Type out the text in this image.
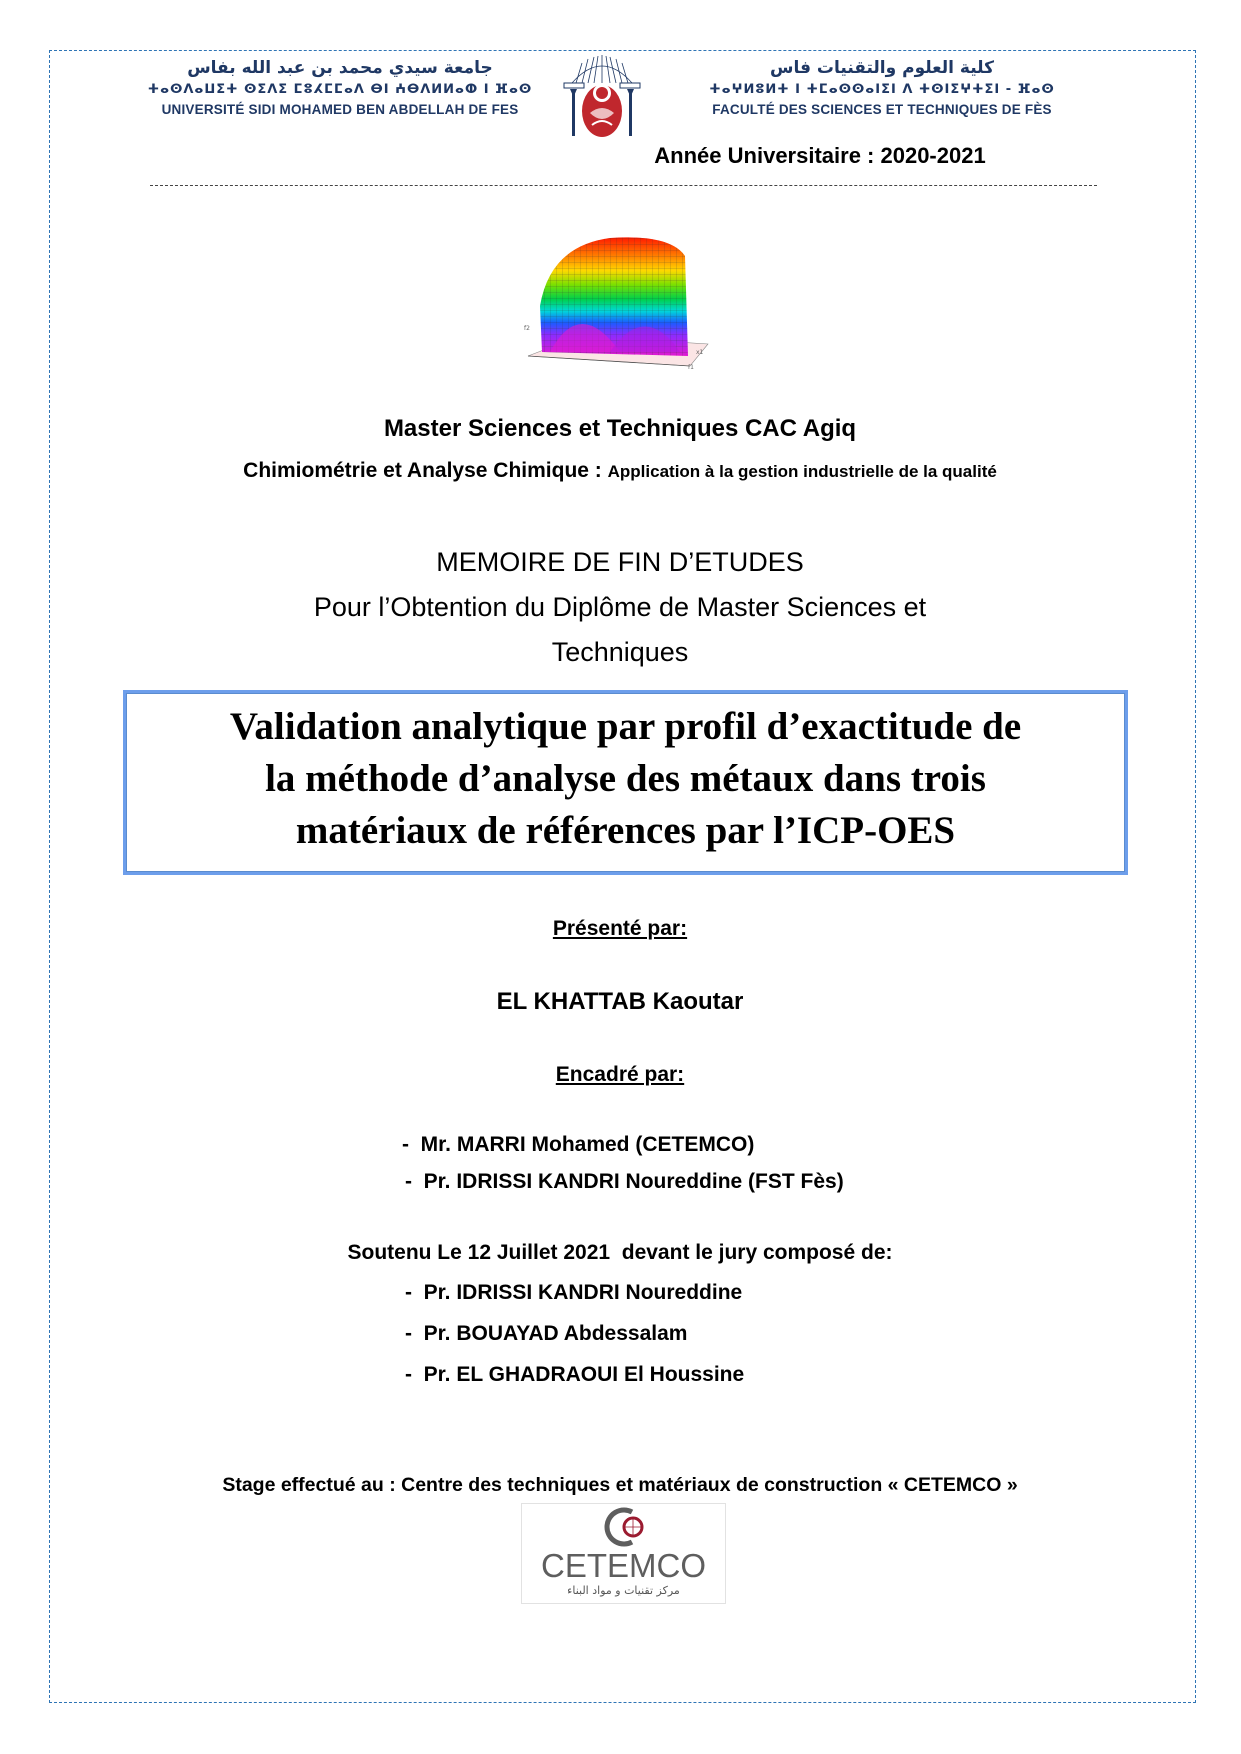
جامعة سيدي محمد بن عبد الله بفاس
ⵜⴰⵙⴷⴰⵡⵉⵜ ⵙⵉⴷⵉ ⵎⵓⵃⵎⵎⴰⴷ ⴱⵏ ⵄⴱⴷⵍⵍⴰⵀ ⵏ ⴼⴰⵙ
UNIVERSITÉ SIDI MOHAMED BEN ABDELLAH DE FES
كلية العلوم والتقنيات فاس
ⵜⴰⵖⵍⵓⵍⵜ ⵏ ⵜⵎⴰⵙⵙⴰⵏⵉⵏ ⴷ ⵜⵙⵏⵉⵖⵜⵉⵏ - ⴼⴰⵙ
FACULTÉ DES SCIENCES ET TECHNIQUES DE FÈS
Année Universitaire : 2020-2021
f2
x1
f1
Master Sciences et Techniques CAC Agiq
Chimiométrie et Analyse Chimique : Application à la gestion industrielle de la qualité
MEMOIRE DE FIN D’ETUDES
Pour l’Obtention du Diplôme de Master Sciences et
Techniques
Validation analytique par profil d’exactitude de
la méthode d’analyse des métaux dans trois
matériaux de références par l’ICP-OES
Présenté par:
EL KHATTAB Kaoutar
Encadré par:
-  Mr. MARRI Mohamed (CETEMCO)
-  Pr. IDRISSI KANDRI Noureddine (FST Fès)
Soutenu Le 12 Juillet 2021  devant le jury composé de:
-  Pr. IDRISSI KANDRI Noureddine
-  Pr. BOUAYAD Abdessalam
-  Pr. EL GHADRAOUI El Houssine
Stage effectué au : Centre des techniques et matériaux de construction « CETEMCO »
CETEMCO
مركز تقنيات و مواد البناء
